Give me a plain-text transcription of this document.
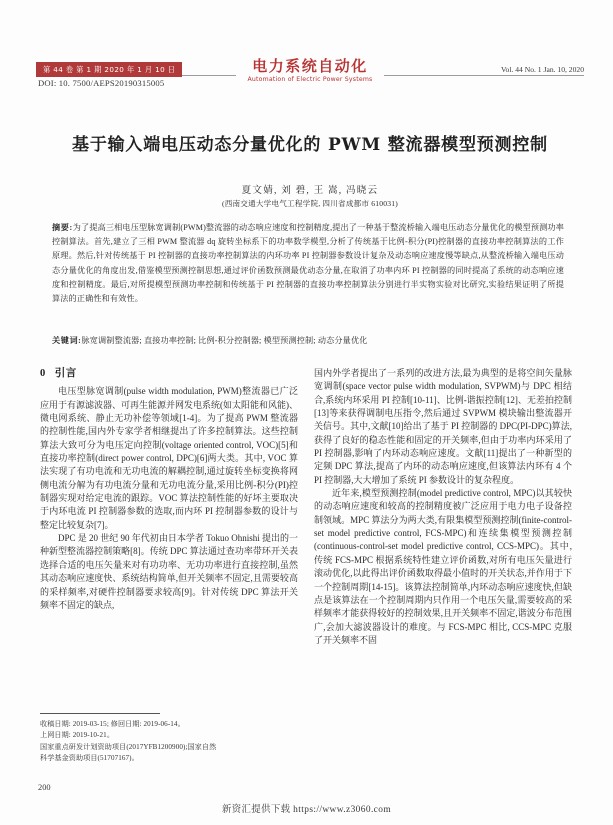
第 44 卷 第 1 期 2020 年 1 月 10 日
DOI: 10. 7500/AEPS20190315005
电力系统自动化
Automation of Electric Power Systems
Vol. 44 No. 1 Jan. 10, 2020
基于输入端电压动态分量优化的 PWM 整流器模型预测控制
夏文婧, 刘 碧, 王 嵩, 冯晓云
(西南交通大学电气工程学院, 四川省成都市 610031)
摘要:为了提高三相电压型脉宽调制(PWM)整流器的动态响应速度和控制精度,提出了一种基于整流桥输入端电压动态分量优化的模型预测功率控制算法。首先,建立了三相 PWM 整流器 dq 旋转坐标系下的功率数学模型,分析了传统基于比例-积分(PI)控制器的直接功率控制算法的工作原理。然后,针对传统基于 PI 控制器的直接功率控制算法的内环功率 PI 控制器参数设计复杂及动态响应速度慢等缺点,从整流桥输入端电压动态分量优化的角度出发,借鉴模型预测控制思想,通过评价函数预测最优动态分量,在取消了功率内环 PI 控制器的同时提高了系统的动态响应速度和控制精度。最后,对所提模型预测功率控制和传统基于 PI 控制器的直接功率控制算法分别进行半实物实验对比研究,实验结果证明了所提算法的正确性和有效性。
关键词:脉宽调制整流器; 直接功率控制; 比例-积分控制器; 模型预测控制; 动态分量优化
0 引言

电压型脉宽调制(pulse width modulation, PWM)整流器已广泛应用于有源滤波器、可再生能源并网发电系统(如太阳能和风能)、微电网系统、静止无功补偿等领域[1-4]。为了提高 PWM 整流器的控制性能,国内外专家学者相继提出了许多控制算法。这些控制算法大致可分为电压定向控制(voltage oriented control, VOC)[5]和直接功率控制(direct power control, DPC)[6]两大类。其中, VOC 算法实现了有功电流和无功电流的解耦控制,通过旋转坐标变换将网侧电流分解为有功电流分量和无功电流分量,采用比例-积分(PI)控制器实现对给定电流的跟踪。VOC 算法控制性能的好坏主要取决于内环电流 PI 控制器参数的选取,而内环 PI 控制器参数的设计与整定比较复杂[7]。

DPC 是 20 世纪 90 年代初由日本学者 Tokuo Ohnishi 提出的一种新型整流器控制策略[8]。传统 DPC 算法通过查功率带环开关表选择合适的电压矢量来对有功功率、无功功率进行直接控制,虽然其动态响应速度快、系统结构简单,但开关频率不固定,且需要较高的采样频率,对硬件控制器要求较高[9]。针对传统 DPC 算法开关频率不固定的缺点,

国内外学者提出了一系列的改进方法,最为典型的是将空间矢量脉宽调制(space vector pulse width modulation, SVPWM)与 DPC 相结合,系统内环采用 PI 控制[10-11]、比例-谐振控制[12]、无差拍控制[13]等来获得调制电压指令,然后通过 SVPWM 模块输出整流器开关信号。其中,文献[10]给出了基于 PI 控制器的 DPC(PI-DPC)算法,获得了良好的稳态性能和固定的开关频率,但由于功率内环采用了 PI 控制器,影响了内环动态响应速度。文献[11]提出了一种新型的定频 DPC 算法,提高了内环的动态响应速度,但该算法内环有 4 个 PI 控制器,大大增加了系统 PI 参数设计的复杂程度。

近年来,模型预测控制(model predictive control, MPC)以其较快的动态响应速度和较高的控制精度被广泛应用于电力电子设备控制领域。MPC 算法分为两大类,有限集模型预测控制(finite-control-set model predictive control, FCS-MPC)和连续集模型预测控制(continuous-control-set model predictive control, CCS-MPC)。其中,传统 FCS-MPC 根据系统特性建立评价函数,对所有电压矢量进行滚动优化,以此得出评价函数取得最小值时的开关状态,并作用于下一个控制周期[14-15]。该算法控制简单,内环动态响应速度快,但缺点是该算法在一个控制周期内只作用一个电压矢量,需要较高的采样频率才能获得较好的控制效果,且开关频率不固定,谐波分布范围广,会加大滤波器设计的难度。与 FCS-MPC 相比, CCS-MPC 克服了开关频率不固

收稿日期: 2019-03-15; 修回日期: 2019-06-14。

上网日期: 2019-10-21。

国家重点研发计划资助项目(2017YFB1200900);国家自然

科学基金资助项目(51707167)。

200
新资汇提供下载 https://www.z3060.com
